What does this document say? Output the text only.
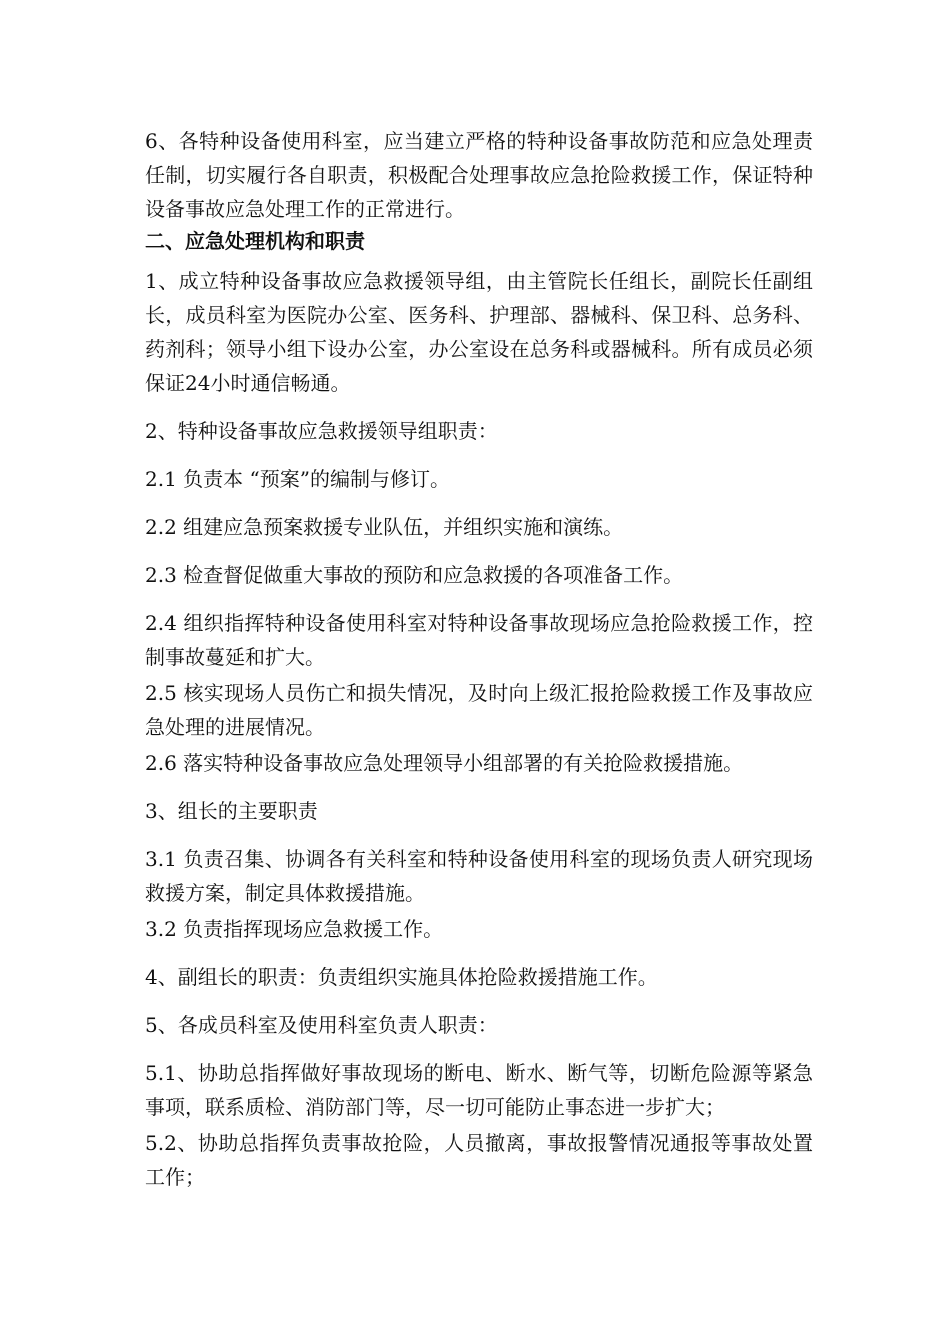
6、各特种设备使用科室，应当建立严格的特种设备事故防范和应急处理责任制，切实履行各自职责，积极配合处理事故应急抢险救援工作，保证特种设备事故应急处理工作的正常进行。

二、应急处理机构和职责

1、成立特种设备事故应急救援领导组，由主管院长任组长，副院长任副组长，成员科室为医院办公室、医务科、护理部、器械科、保卫科、总务科、药剂科；领导小组下设办公室，办公室设在总务科或器械科。所有成员必须保证24小时通信畅通。

2、特种设备事故应急救援领导组职责：

2.1 负责本 “预案”的编制与修订。

2.2 组建应急预案救援专业队伍，并组织实施和演练。

2.3 检查督促做重大事故的预防和应急救援的各项准备工作。

2.4 组织指挥特种设备使用科室对特种设备事故现场应急抢险救援工作，控制事故蔓延和扩大。

2.5 核实现场人员伤亡和损失情况，及时向上级汇报抢险救援工作及事故应急处理的进展情况。

2.6 落实特种设备事故应急处理领导小组部署的有关抢险救援措施。

3、组长的主要职责

3.1 负责召集、协调各有关科室和特种设备使用科室的现场负责人研究现场救援方案，制定具体救援措施。

3.2 负责指挥现场应急救援工作。

4、副组长的职责：负责组织实施具体抢险救援措施工作。

5、各成员科室及使用科室负责人职责：

5.1、协助总指挥做好事故现场的断电、断水、断气等，切断危险源等紧急事项，联系质检、消防部门等，尽一切可能防止事态进一步扩大；

5.2、协助总指挥负责事故抢险，人员撤离，事故报警情况通报等事故处置工作；
